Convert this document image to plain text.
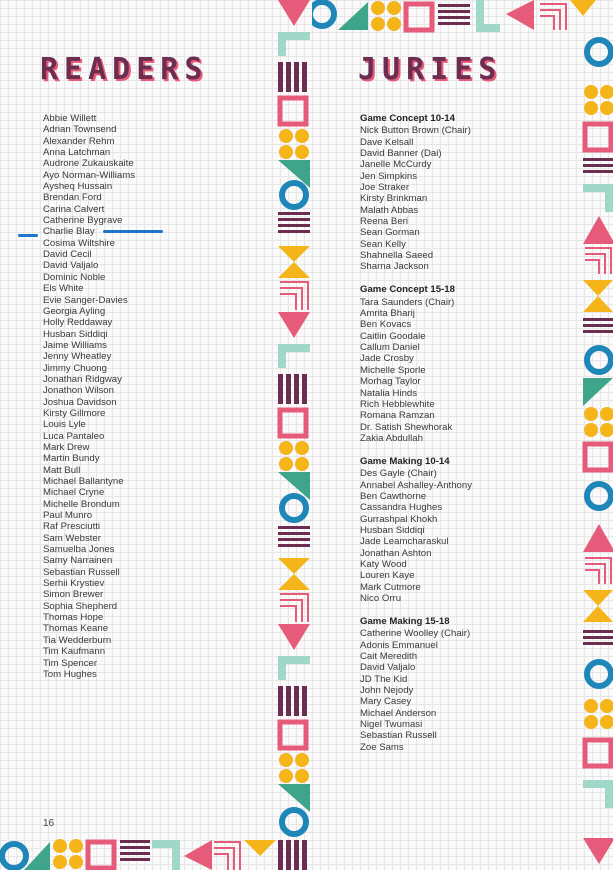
READERS	JURIES
Abbie Willett
Adrian Townsend
Alexander Rehm
Anna Latchman
Audrone Zukauskaite
Ayo Norman-Williams
Aysheq Hussain
Brendan Ford
Carina Calvert
Catherine Bygrave
Charlie Blay
Cosima Wiltshire
David Cecil
David Valjalo
Dominic Noble
Els White
Evie Sanger-Davies
Georgia Ayling
Holly Reddaway
Husban Siddiqi
Jaime Williams
Jenny Wheatley
Jimmy Chuong
Jonathan Ridgway
Jonathon Wilson
Joshua Davidson
Kirsty Gillmore
Louis Lyle
Luca Pantaleo
Mark Drew
Martin Bundy
Matt Bull
Michael Ballantyne
Michael Cryne
Michelle Brondum
Paul Munro
Raf Presciutti
Sam Webster
Samuelba Jones
Samy Narrainen
Sebastian Russell
Serhii Krystiev
Simon Brewer
Sophia Shepherd
Thomas Hope
Thomas Keane
Tia Wedderburn
Tim Kaufmann
Tim Spencer
Tom Hughes
Game Concept 10-14
Nick Button Brown (Chair)
Dave Kelsall
David Banner (Dai)
Janelle McCurdy
Jen Simpkins
Joe Straker
Kirsty Brinkman
Malath Abbas
Reena Beri
Sean Gorman
Sean Kelly
Shahnella Saeed
Sharna Jackson
Game Concept 15-18
Tara Saunders (Chair)
Amrita Bharij
Ben Kovacs
Caitlin Goodale
Callum Daniel
Jade Crosby
Michelle Sporle
Morhag Taylor
Natalia Hinds
Rich Hebblewhite
Romana Ramzan
Dr. Satish Shewhorak
Zakia Abdullah
Game Making 10-14
Des Gayle (Chair)
Annabel Ashalley-Anthony
Ben Cawthorne
Cassandra Hughes
Gurrashpal Khokh
Husban Siddiqi
Jade Leamcharaskul
Jonathan Ashton
Katy Wood
Louren Kaye
Mark Cutmore
Nico Orru
Game Making 15-18
Catherine Woolley (Chair)
Adonis Emmanuel
Cait Meredith
David Valjalo
JD The Kid
John Nejody
Mary Casey
Michael Anderson
Nigel Twumasi
Sebastian Russell
Zoe Sams
16
